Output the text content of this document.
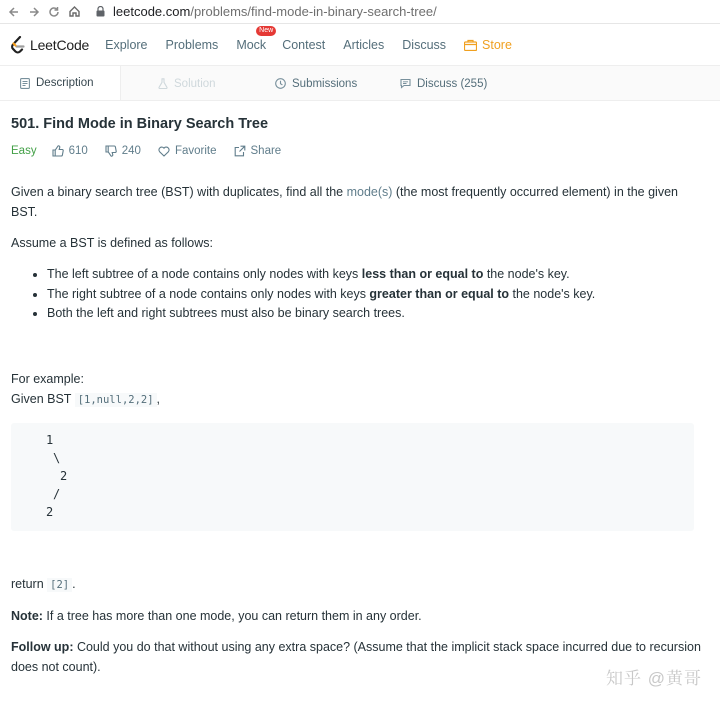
leetcode.com /problems/find-mode-in-binary-search-tree/
LeetCode Explore Problems Mock
New
Contest Articles Discuss	Store
Description	Solution	Submissions	Discuss (255)
501. Find Mode in Binary Search Tree
Easy	610	240	Favorite	Share

Given a binary search tree (BST) with duplicates, find all the mode(s) (the most frequently occurred element) in the given BST.

Assume a BST is defined as follows:

• The left subtree of a node contains only nodes with keys less than or equal to the node's key.
• The right subtree of a node contains only nodes with keys greater than or equal to the node's key.
• Both the left and right subtrees must also be binary search trees.

For example:

Given BST [1,null,2,2] ,

1
\
2
/
2

return [2] .

Note: If a tree has more than one mode, you can return them in any order.

Follow up: Could you do that without using any extra space? (Assume that the implicit stack space incurred due to recursion does not count).

知乎 @黄哥
